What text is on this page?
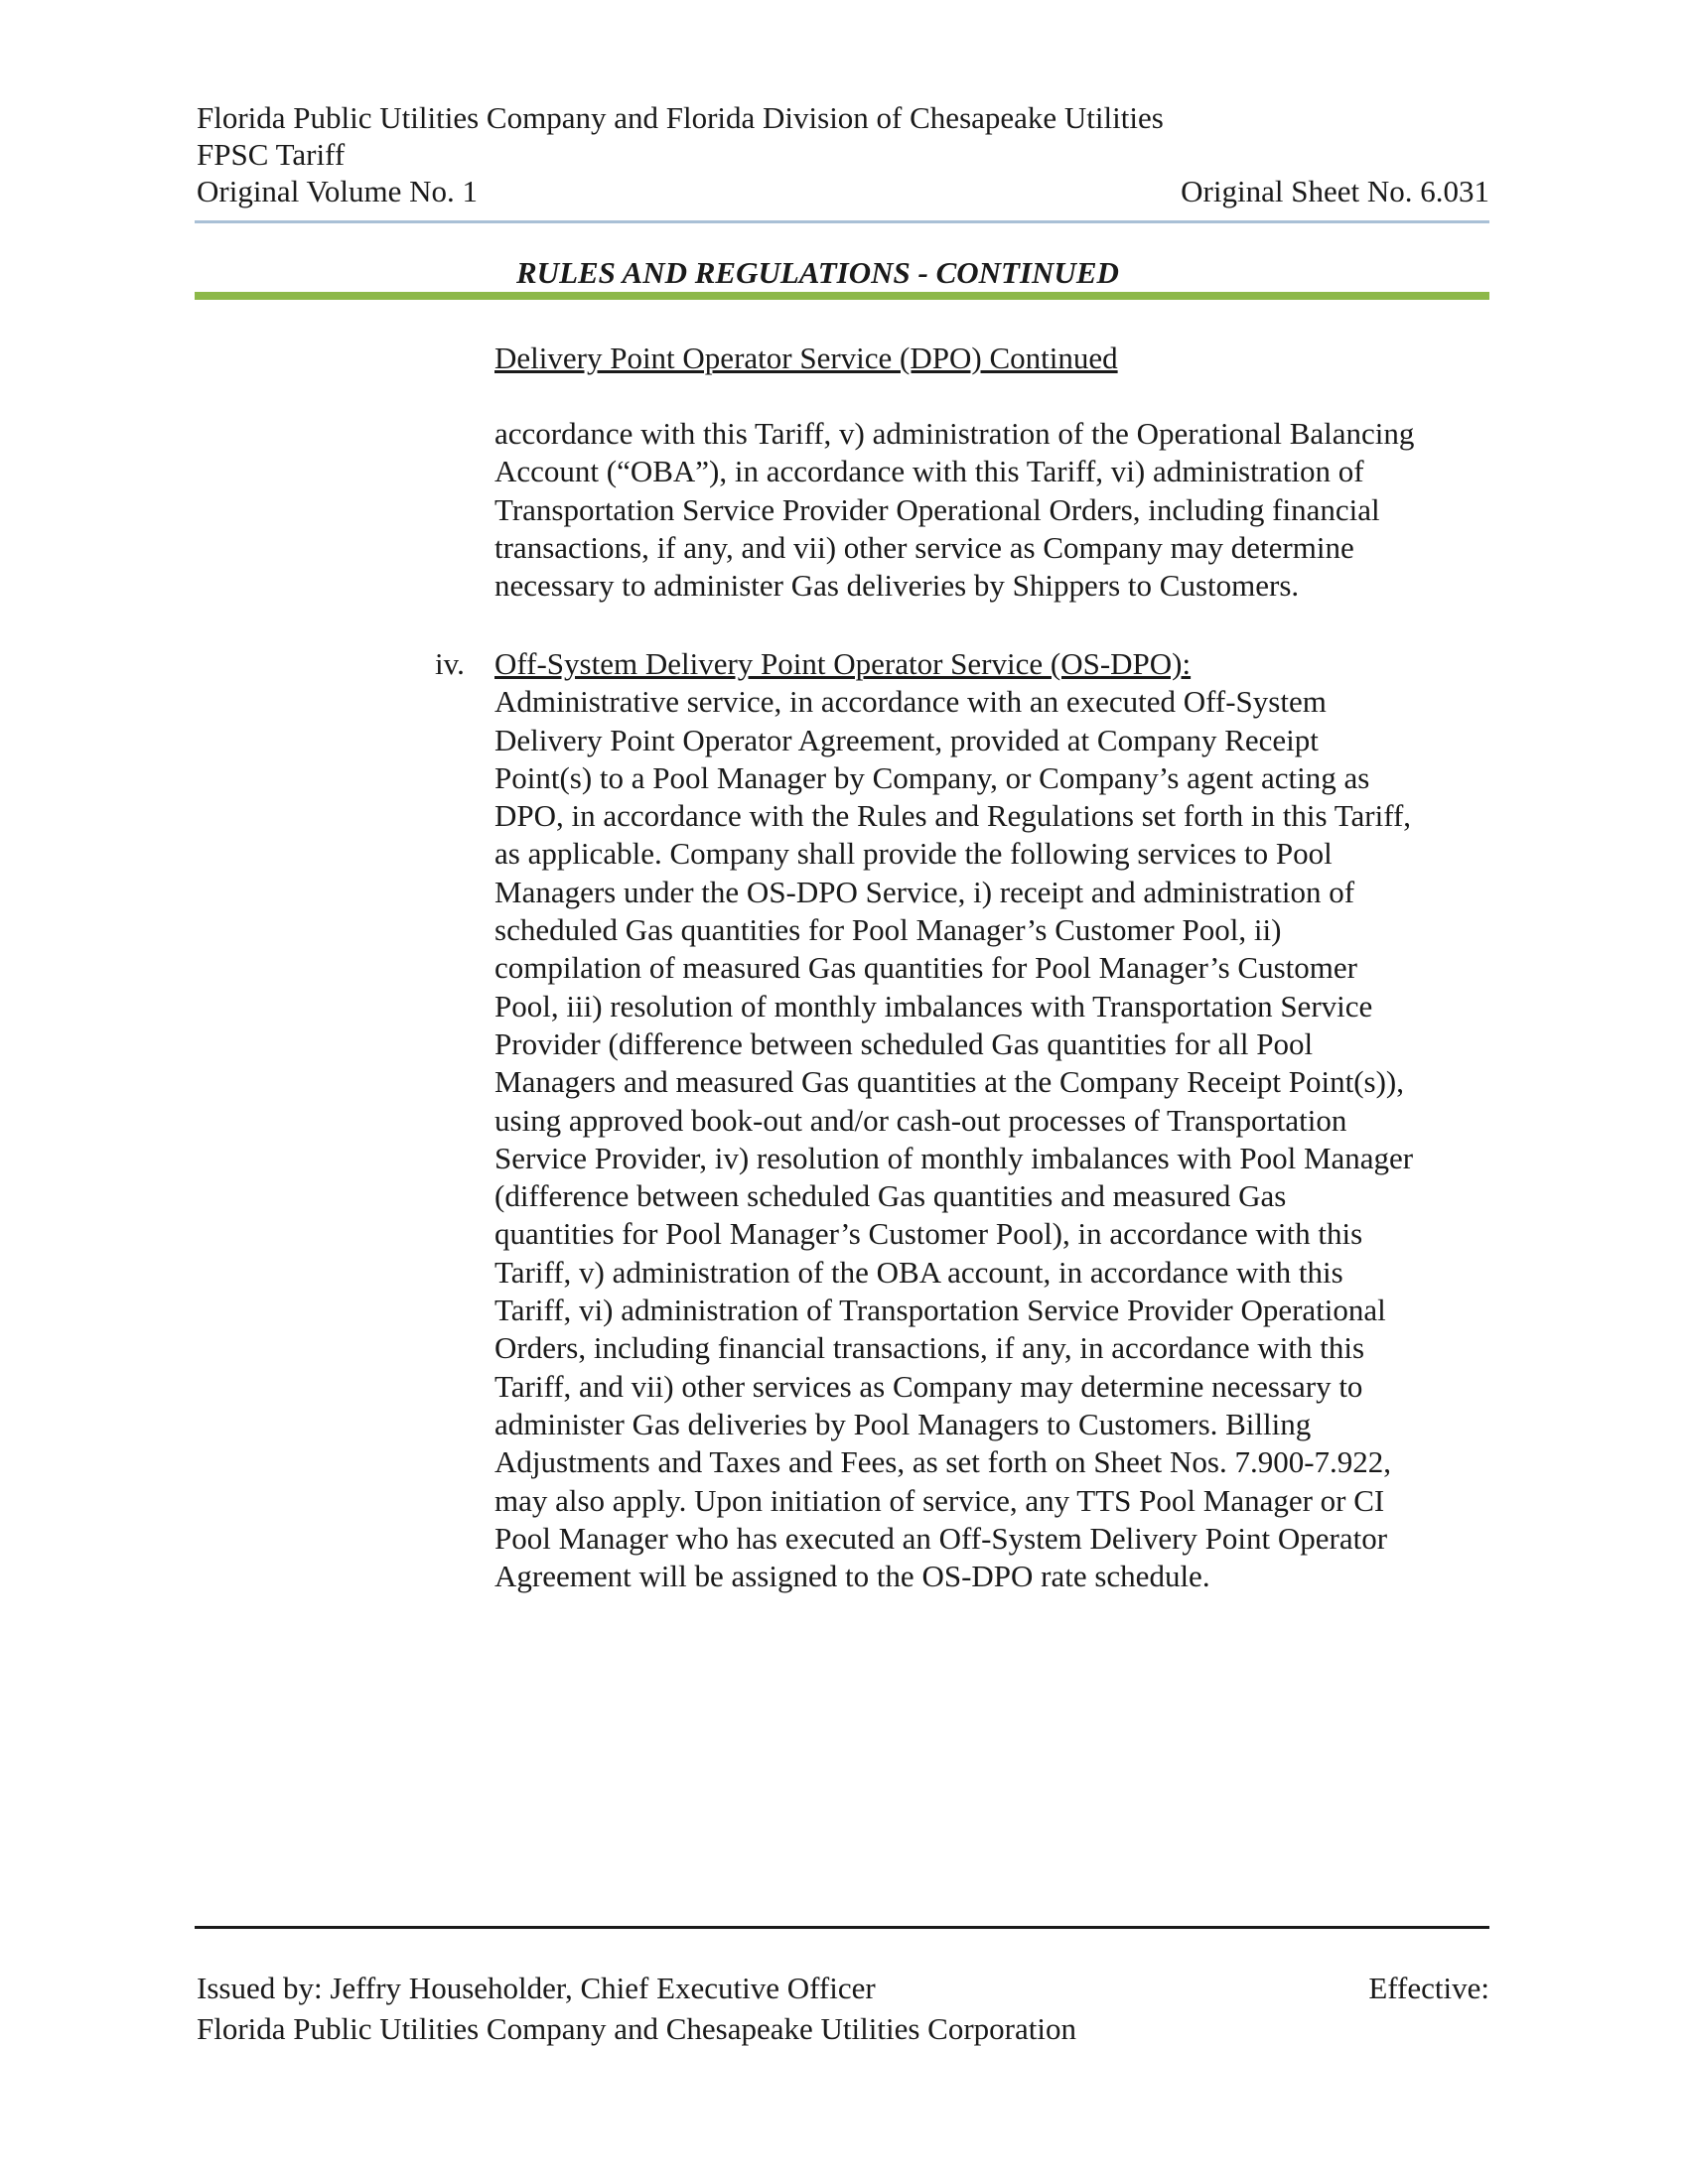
Florida Public Utilities Company and Florida Division of Chesapeake Utilities
FPSC Tariff
Original Volume No. 1	Original Sheet No. 6.031
RULES AND REGULATIONS - CONTINUED
Delivery Point Operator Service (DPO) Continued
accordance with this Tariff, v) administration of the Operational Balancing
Account (“OBA”), in accordance with this Tariff, vi) administration of
Transportation Service Provider Operational Orders, including financial
transactions, if any, and vii) other service as Company may determine
necessary to administer Gas deliveries by Shippers to Customers.
iv. Off-System Delivery Point Operator Service (OS-DPO):
Administrative service, in accordance with an executed Off-System
Delivery Point Operator Agreement, provided at Company Receipt
Point(s) to a Pool Manager by Company, or Company’s agent acting as
DPO, in accordance with the Rules and Regulations set forth in this Tariff,
as applicable. Company shall provide the following services to Pool
Managers under the OS-DPO Service, i) receipt and administration of
scheduled Gas quantities for Pool Manager’s Customer Pool, ii)
compilation of measured Gas quantities for Pool Manager’s Customer
Pool, iii) resolution of monthly imbalances with Transportation Service
Provider (difference between scheduled Gas quantities for all Pool
Managers and measured Gas quantities at the Company Receipt Point(s)),
using approved book-out and/or cash-out processes of Transportation
Service Provider, iv) resolution of monthly imbalances with Pool Manager
(difference between scheduled Gas quantities and measured Gas
quantities for Pool Manager’s Customer Pool), in accordance with this
Tariff, v) administration of the OBA account, in accordance with this
Tariff, vi) administration of Transportation Service Provider Operational
Orders, including financial transactions, if any, in accordance with this
Tariff, and vii) other services as Company may determine necessary to
administer Gas deliveries by Pool Managers to Customers. Billing
Adjustments and Taxes and Fees, as set forth on Sheet Nos. 7.900-7.922,
may also apply. Upon initiation of service, any TTS Pool Manager or CI
Pool Manager who has executed an Off-System Delivery Point Operator
Agreement will be assigned to the OS-DPO rate schedule.
Issued by: Jeffry Householder, Chief Executive Officer
Florida Public Utilities Company and Chesapeake Utilities Corporation
Effective:
